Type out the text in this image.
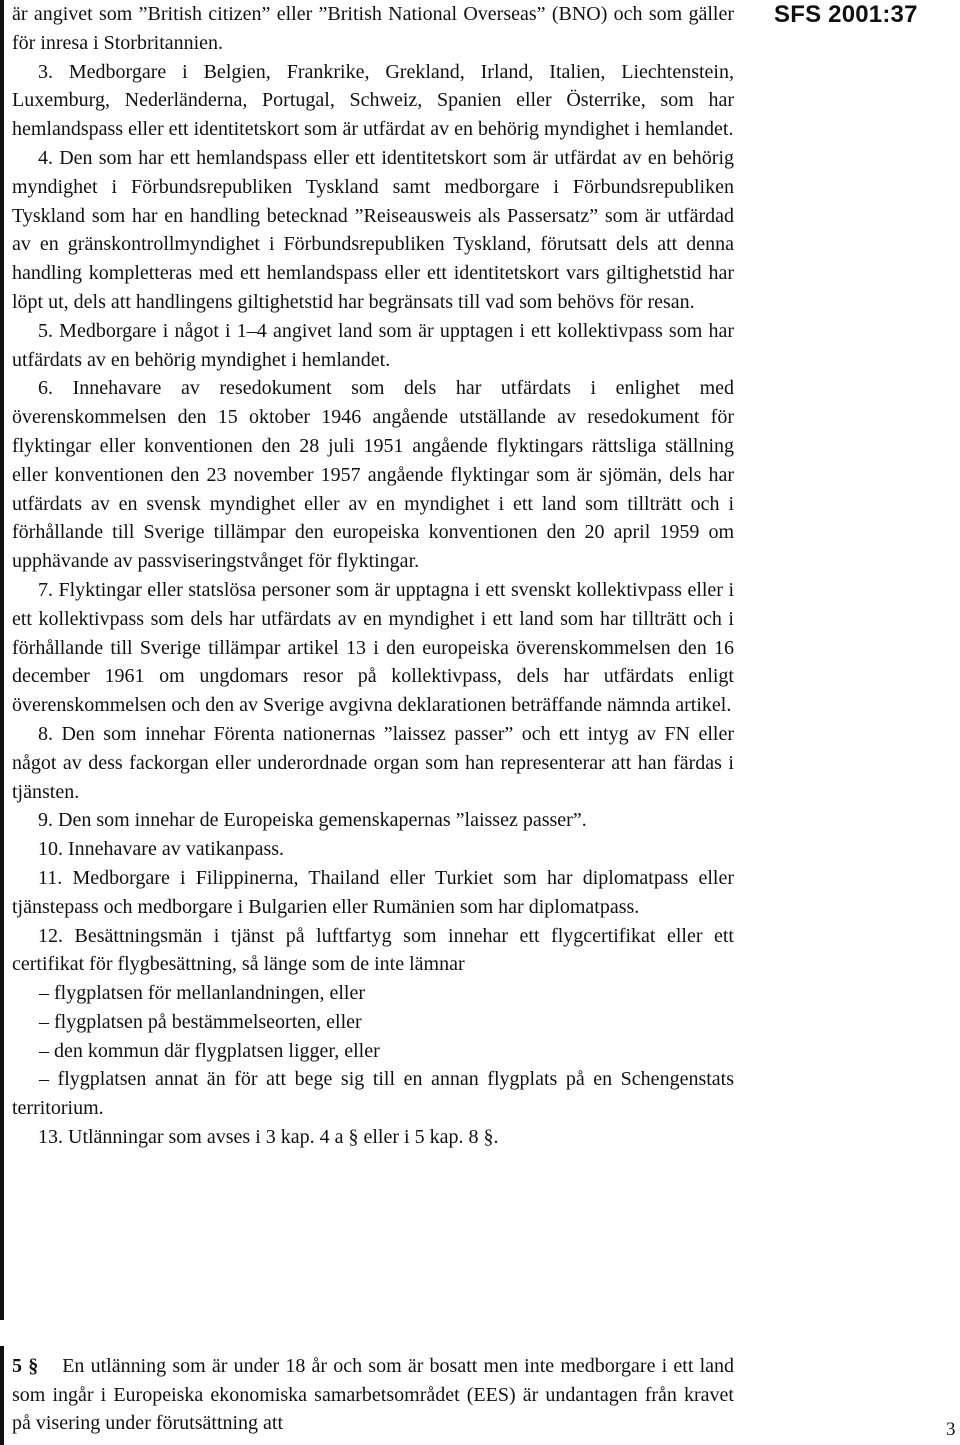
SFS 2001:37

är angivet som ”British citizen” eller ”British National Overseas” (BNO) och som gäller för inresa i Storbritannien.

3. Medborgare i Belgien, Frankrike, Grekland, Irland, Italien, Liechtenstein, Luxemburg, Nederländerna, Portugal, Schweiz, Spanien eller Österrike, som har hemlandspass eller ett identitetskort som är utfärdat av en behörig myndighet i hemlandet.

4. Den som har ett hemlandspass eller ett identitetskort som är utfärdat av en behörig myndighet i Förbundsrepubliken Tyskland samt medborgare i Förbundsrepubliken Tyskland som har en handling betecknad ”Reiseausweis als Passersatz” som är utfärdad av en gränskontrollmyndighet i Förbundsrepubliken Tyskland, förutsatt dels att denna handling kompletteras med ett hemlandspass eller ett identitetskort vars giltighetstid har löpt ut, dels att handlingens giltighetstid har begränsats till vad som behövs för resan.

5. Medborgare i något i 1–4 angivet land som är upptagen i ett kollektivpass som har utfärdats av en behörig myndighet i hemlandet.

6. Innehavare av resedokument som dels har utfärdats i enlighet med överenskommelsen den 15 oktober 1946 angående utställande av resedokument för flyktingar eller konventionen den 28 juli 1951 angående flyktingars rättsliga ställning eller konventionen den 23 november 1957 angående flyktingar som är sjömän, dels har utfärdats av en svensk myndighet eller av en myndighet i ett land som tillträtt och i förhållande till Sverige tillämpar den europeiska konventionen den 20 april 1959 om upphävande av passviseringstvånget för flyktingar.

7. Flyktingar eller statslösa personer som är upptagna i ett svenskt kollektivpass eller i ett kollektivpass som dels har utfärdats av en myndighet i ett land som har tillträtt och i förhållande till Sverige tillämpar artikel 13 i den europeiska överenskommelsen den 16 december 1961 om ungdomars resor på kollektivpass, dels har utfärdats enligt överenskommelsen och den av Sverige avgivna deklarationen beträffande nämnda artikel.

8. Den som innehar Förenta nationernas ”laissez passer” och ett intyg av FN eller något av dess fackorgan eller underordnade organ som han representerar att han färdas i tjänsten.

9. Den som innehar de Europeiska gemenskapernas ”laissez passer”.

10. Innehavare av vatikanpass.

11. Medborgare i Filippinerna, Thailand eller Turkiet som har diplomatpass eller tjänstepass och medborgare i Bulgarien eller Rumänien som har diplomatpass.

12. Besättningsmän i tjänst på luftfartyg som innehar ett flygcertifikat eller ett certifikat för flygbesättning, så länge som de inte lämnar

– flygplatsen för mellanlandningen, eller

– flygplatsen på bestämmelseorten, eller

– den kommun där flygplatsen ligger, eller

– flygplatsen annat än för att bege sig till en annan flygplats på en Schengenstats territorium.

13. Utlänningar som avses i 3 kap. 4 a § eller i 5 kap. 8 §.

5 § En utlänning som är under 18 år och som är bosatt men inte medborgare i ett land som ingår i Europeiska ekonomiska samarbetsområdet (EES) är undantagen från kravet på visering under förutsättning att	3
